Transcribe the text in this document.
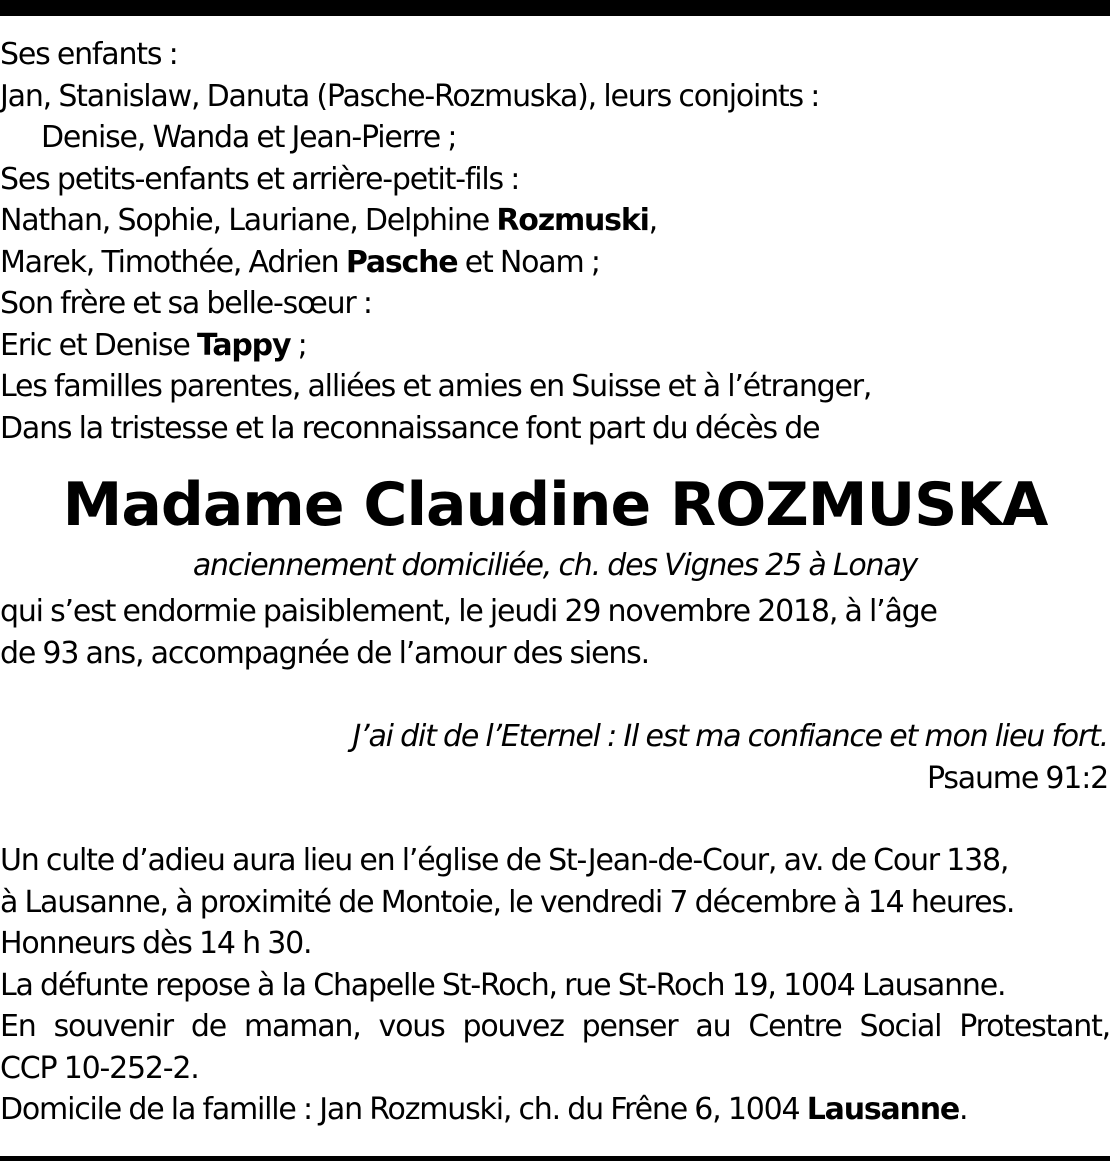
Ses enfants :
Jan, Stanislaw, Danuta (Pasche-Rozmuska), leurs conjoints :
Denise, Wanda et Jean-Pierre ;
Ses petits-enfants et arrière-petit-fils :
Nathan, Sophie, Lauriane, Delphine Rozmuski,
Marek, Timothée, Adrien Pasche et Noam ;
Son frère et sa belle-sœur :
Eric et Denise Tappy ;
Les familles parentes, alliées et amies en Suisse et à l’étranger,
Dans la tristesse et la reconnaissance font part du décès de
Madame Claudine ROZMUSKA
anciennement domiciliée, ch. des Vignes 25 à Lonay
qui s’est endormie paisiblement, le jeudi 29 novembre 2018, à l’âge
de 93 ans, accompagnée de l’amour des siens.
J’ai dit de l’Eternel : Il est ma confiance et mon lieu fort.
Psaume 91:2
Un culte d’adieu aura lieu en l’église de St-Jean-de-Cour, av. de Cour 138,
à Lausanne, à proximité de Montoie, le vendredi 7 décembre à 14 heures.
Honneurs dès 14 h 30.
La défunte repose à la Chapelle St-Roch, rue St-Roch 19, 1004 Lausanne.
En souvenir de maman, vous pouvez penser au Centre Social Protestant,
CCP 10-252-2.
Domicile de la famille : Jan Rozmuski, ch. du Frêne 6, 1004 Lausanne.
